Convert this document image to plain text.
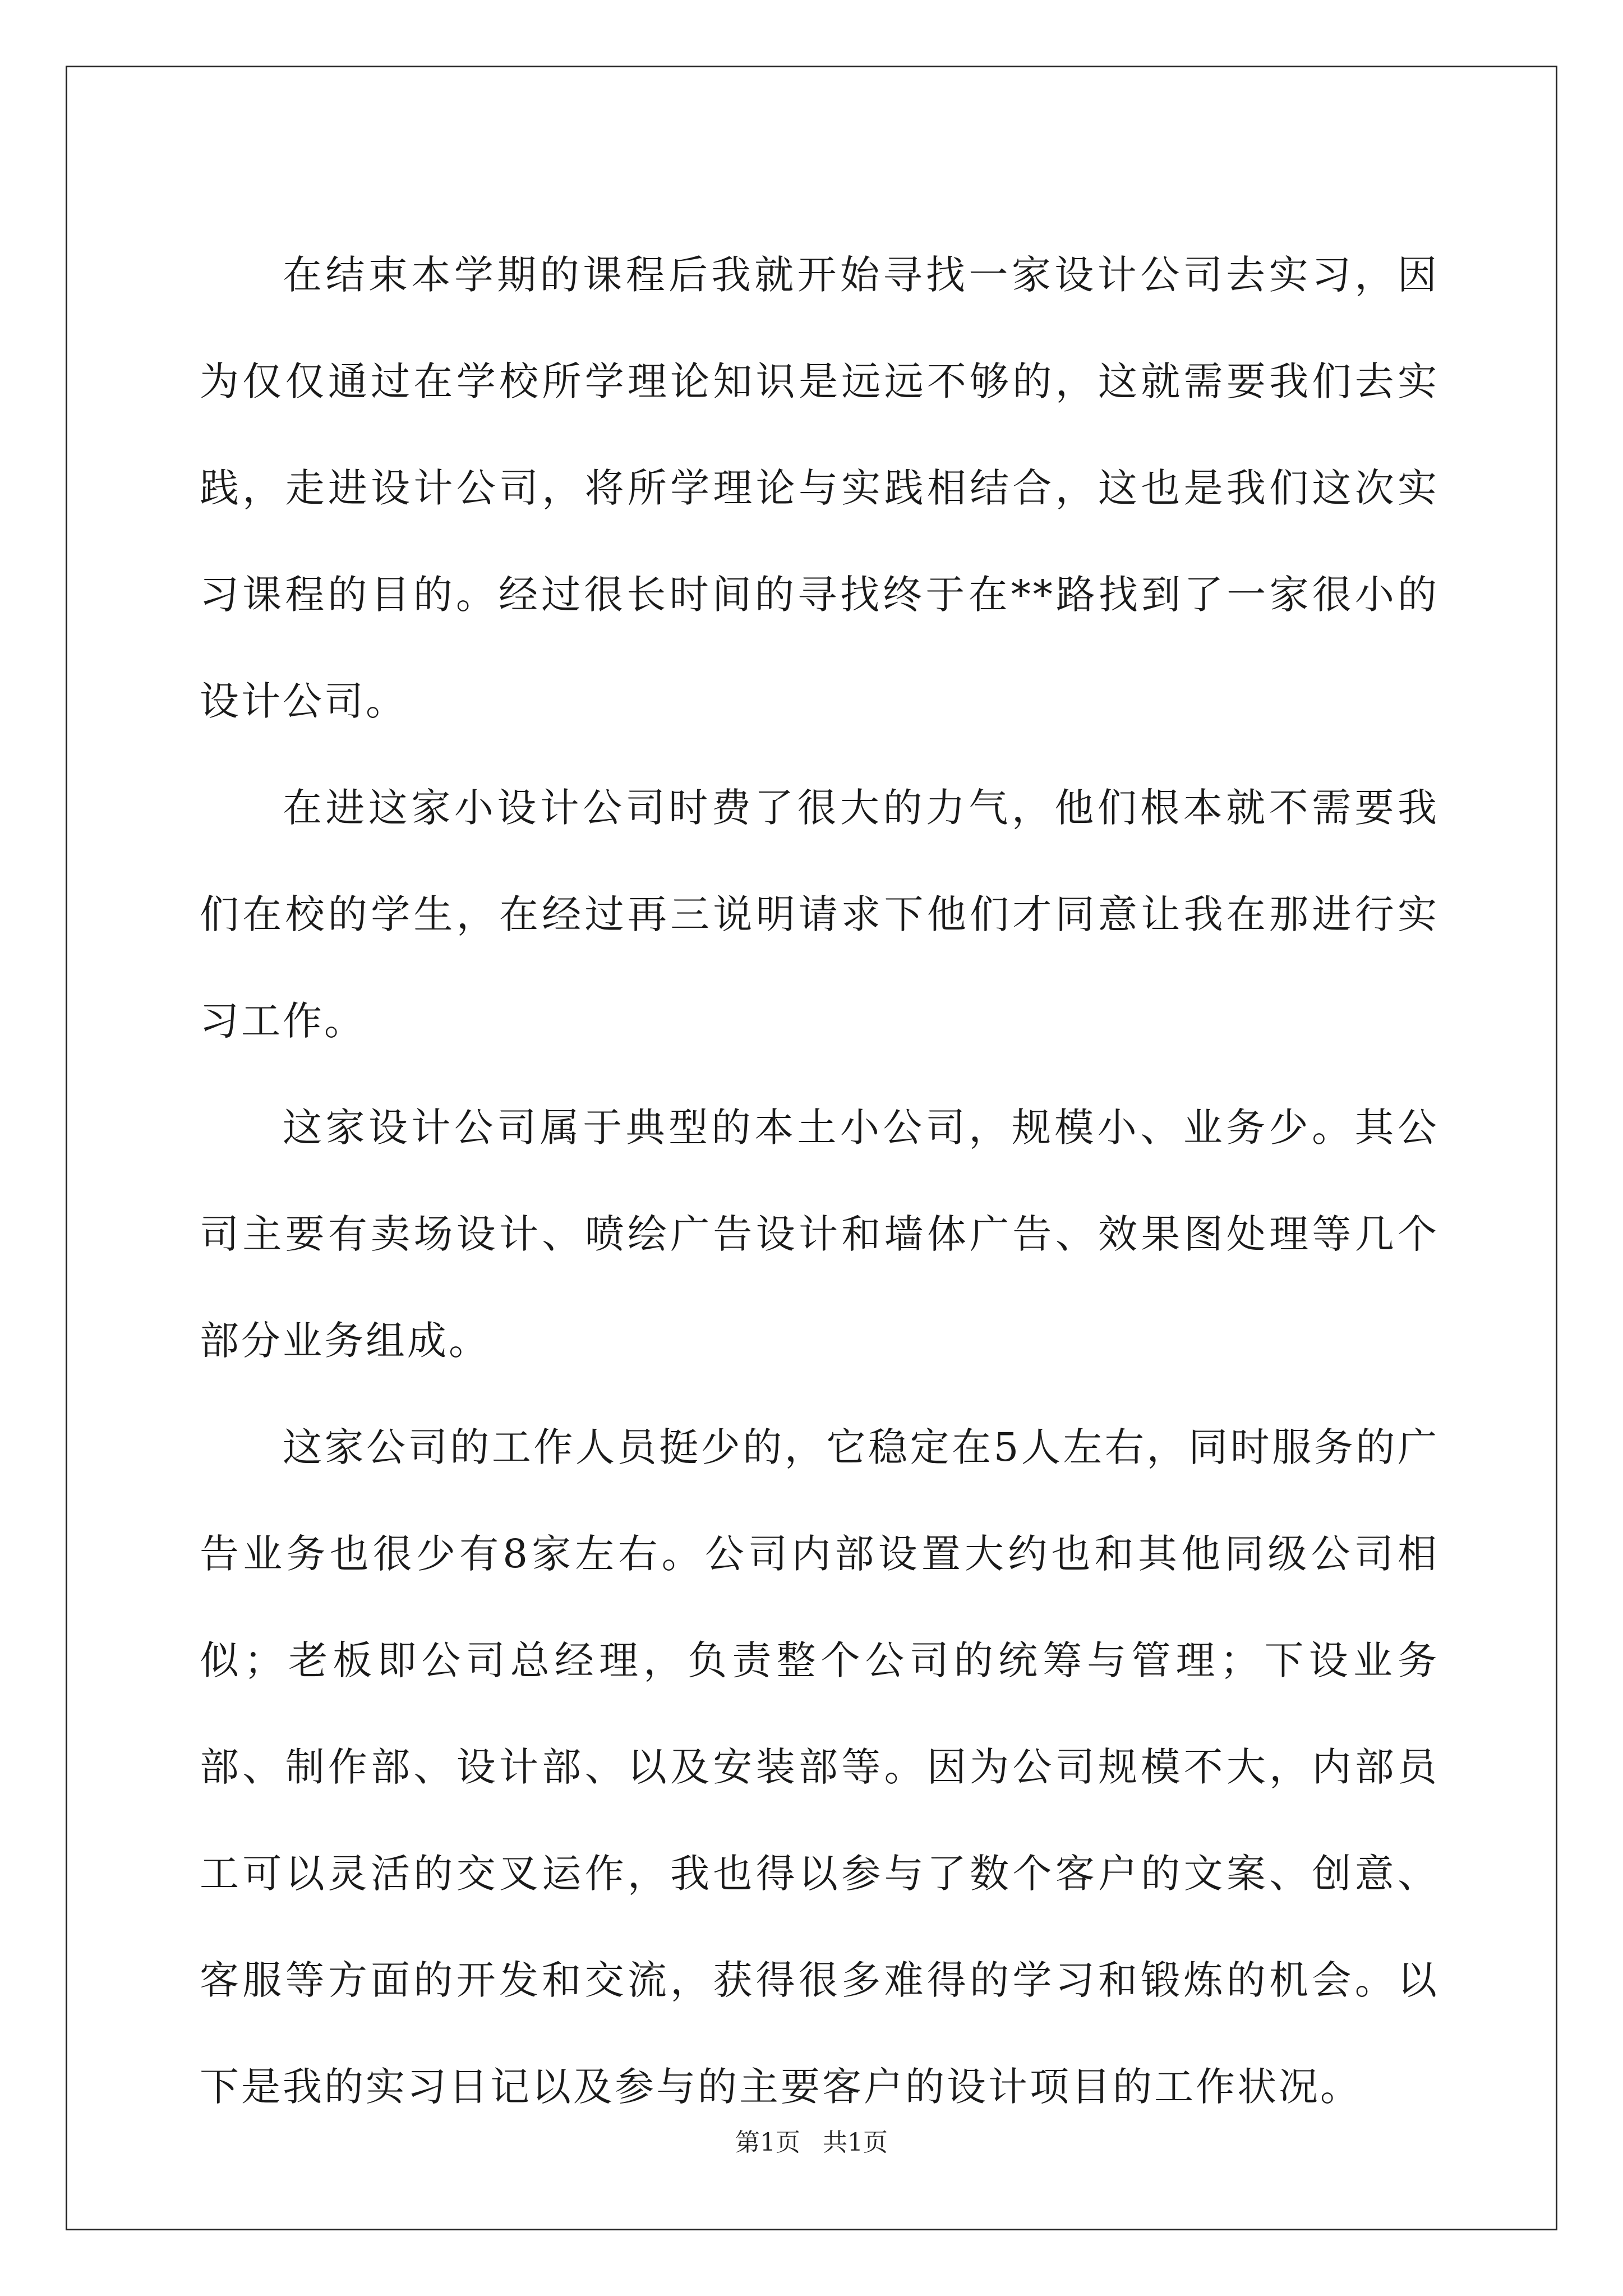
在结束本学期的课程后我就开始寻找一家设计公司去实习，因为仅仅通过在学校所学理论知识是远远不够的，这就需要我们去实践，走进设计公司，将所学理论与实践相结合，这也是我们这次实习课程的目的。经过很长时间的寻找终于在**路找到了一家很小的设计公司。

在进这家小设计公司时费了很大的力气，他们根本就不需要我们在校的学生，在经过再三说明请求下他们才同意让我在那进行实习工作。

这家设计公司属于典型的本土小公司，规模小、业务少。其公司主要有卖场设计、喷绘广告设计和墙体广告、效果图处理等几个部分业务组成。

这家公司的工作人员挺少的，它稳定在5人左右，同时服务的广告业务也很少有8家左右。公司内部设置大约也和其他同级公司相似；老板即公司总经理，负责整个公司的统筹与管理；下设业务部、制作部、设计部、以及安装部等。因为公司规模不大，内部员工可以灵活的交叉运作，我也得以参与了数个客户的文案、创意、客服等方面的开发和交流，获得很多难得的学习和锻炼的机会。以下是我的实习日记以及参与的主要客户的设计项目的工作状况。

第1页 共1页
